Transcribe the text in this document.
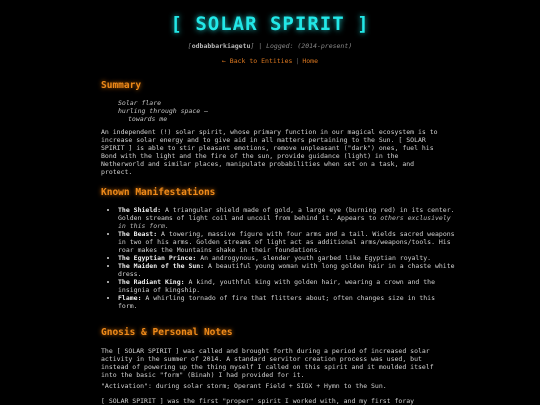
[ SOLAR SPIRIT ]
[odbabbarkiagetu] | Logged: (2014-present)
← Back to Entities | Home
Summary
Solar flare
hurling through space –
towards me
An independent (!) solar spirit, whose primary function in our magical ecosystem is to increase solar energy and to give aid in all matters pertaining to the Sun. [ SOLAR SPIRIT ] is able to stir pleasant emotions, remove unpleasant ("dark") ones, fuel his Bond with the light and the fire of the sun, provide guidance (light) in the Netherworld and similar places, manipulate probabilities when set on a task, and protect.
Known Manifestations
• The Shield: A triangular shield made of gold, a large eye (burning red) in its center. Golden streams of light coil and uncoil from behind it. Appears to others exclusively in this form.
• The Beast: A towering, massive figure with four arms and a tail. Wields sacred weapons in two of his arms. Golden streams of light act as additional arms/weapons/tools. His roar makes the Mountains shake in their foundations.
• The Egyptian Prince: An androgynous, slender youth garbed like Egyptian royalty.
• The Maiden of the Sun: A beautiful young woman with long golden hair in a chaste white dress.
• The Radiant King: A kind, youthful king with golden hair, wearing a crown and the insignia of kingship.
• Flame: A whirling tornado of fire that flitters about; often changes size in this form.
Gnosis & Personal Notes
The [ SOLAR SPIRIT ] was called and brought forth during a period of increased solar activity in the summer of 2014. A standard servitor creation process was used, but instead of powering up the thing myself I called on this spirit and it moulded itself into the basic "form" (Binah) I had provided for it.
"Activation": during solar storm; Operant Field + SIGX + Hymn to the Sun.
[ SOLAR SPIRIT ] was the first "proper" spirit I worked with, and my first foray
